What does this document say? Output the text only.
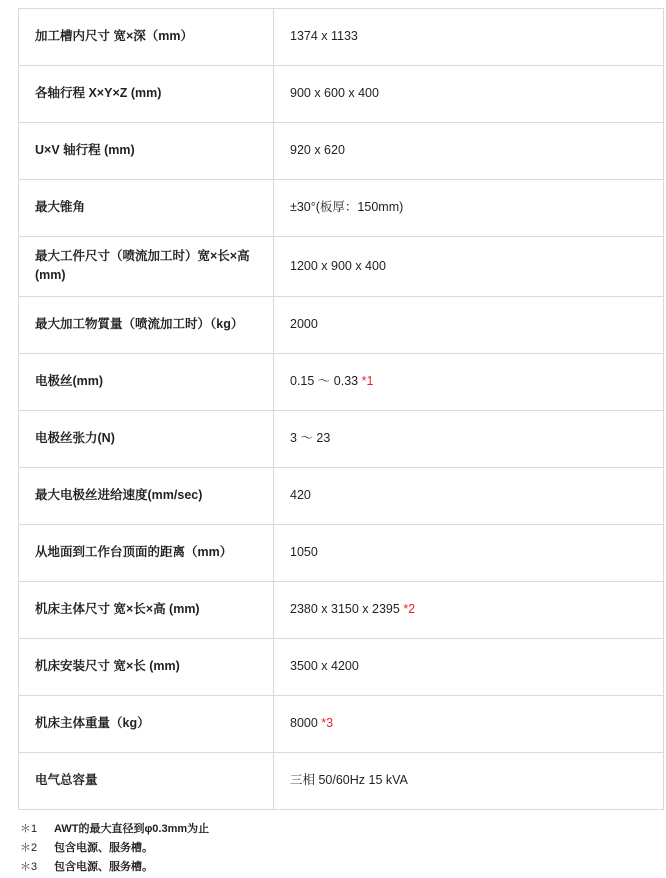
加工槽内尺寸 宽×深（mm）	1374 x 1133
各轴行程 X×Y×Z (mm)	900 x 600 x 400
U×V 轴行程 (mm)	920 x 620
最大锥角	±30°(板厚：150mm)
最大工件尺寸（喷流加工时）宽×长×高 (mm)	1200 x 900 x 400
最大加工物質量（喷流加工时）（kg）	2000
电极丝(mm)	0.15 ～ 0.33 *1
电极丝张力(N)	3 ～ 23
最大电极丝进给速度(mm/sec)	420
从地面到工作台顶面的距离（mm）	1050
机床主体尺寸 宽×长×高 (mm)	2380 x 3150 x 2395 *2
机床安装尺寸 宽×长 (mm)	3500 x 4200
机床主体重量（kg）	8000 *3
电气总容量	三相 50/60Hz 15 kVA
＊1 AWT的最大直径到φ0.3mm为止
＊2 包含电源、服务槽。
＊3 包含电源、服务槽。
